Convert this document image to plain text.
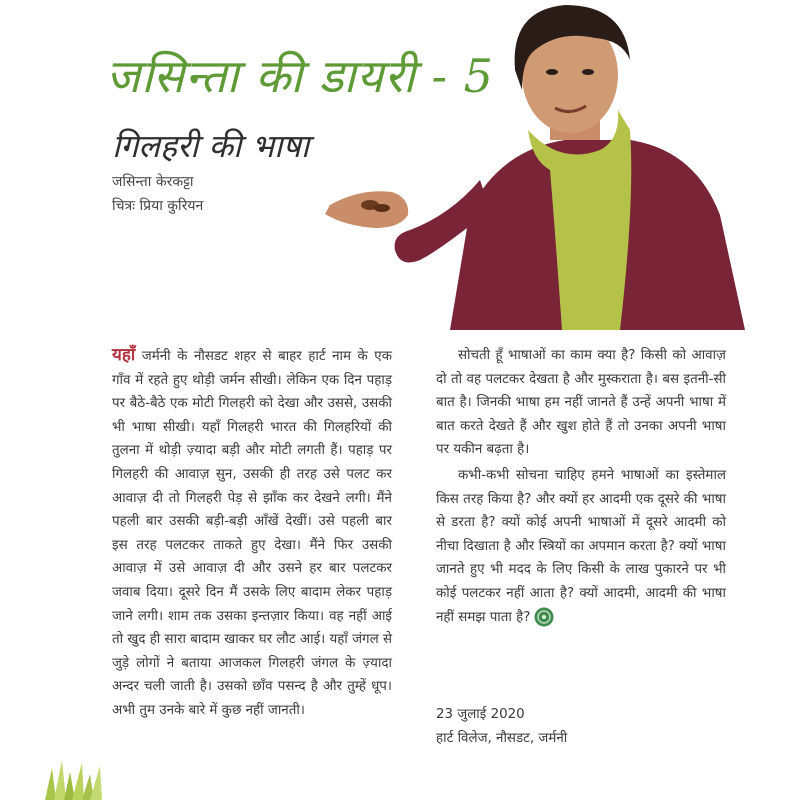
जसिन्ता की डायरी - 5
गिलहरी की भाषा
जसिन्ता केरकट्टा
चित्रः प्रिया कुरियन

यहाँ जर्मनी के नौसडट शहर से बाहर हार्ट नाम के एक गाँव में रहते हुए थोड़ी जर्मन सीखी। लेकिन एक दिन पहाड़ पर बैठे-बैठे एक मोटी गिलहरी को देखा और उससे, उसकी भी भाषा सीखी। यहाँ गिलहरी भारत की गिलहरियों की तुलना में थोड़ी ज़्यादा बड़ी और मोटी लगती हैं। पहाड़ पर गिलहरी की आवाज़ सुन, उसकी ही तरह उसे पलट कर आवाज़ दी तो गिलहरी पेड़ से झाँक कर देखने लगी। मैंने पहली बार उसकी बड़ी-बड़ी आँखें देखीं। उसे पहली बार इस तरह पलटकर ताकते हुए देखा। मैंने फिर उसकी आवाज़ में उसे आवाज़ दी और उसने हर बार पलटकर जवाब दिया। दूसरे दिन मैं उसके लिए बादाम लेकर पहाड़ जाने लगी। शाम तक उसका इन्तज़ार किया। वह नहीं आई तो खुद ही सारा बादाम खाकर घर लौट आई। यहाँ जंगल से जुड़े लोगों ने बताया आजकल गिलहरी जंगल के ज़्यादा अन्दर चली जाती है। उसको छाँव पसन्द है और तुम्हें धूप। अभी तुम उनके बारे में कुछ नहीं जानती।

सोचती हूँ भाषाओं का काम क्या है? किसी को आवाज़ दो तो वह पलटकर देखता है और मुस्कराता है। बस इतनी-सी बात है। जिनकी भाषा हम नहीं जानते हैं उन्हें अपनी भाषा में बात करते देखते हैं और खुश होते हैं तो उनका अपनी भाषा पर यकीन बढ़ता है।

कभी-कभी सोचना चाहिए हमने भाषाओं का इस्तेमाल किस तरह किया है? और क्यों हर आदमी एक दूसरे की भाषा से डरता है? क्यों कोई अपनी भाषाओं में दूसरे आदमी को नीचा दिखाता है और स्त्रियों का अपमान करता है? क्यों भाषा जानते हुए भी मदद के लिए किसी के लाख पुकारने पर भी कोई पलटकर नहीं आता है? क्यों आदमी, आदमी की भाषा नहीं समझ पाता है?

23 जुलाई 2020
हार्ट विलेज, नौसडट, जर्मनी
